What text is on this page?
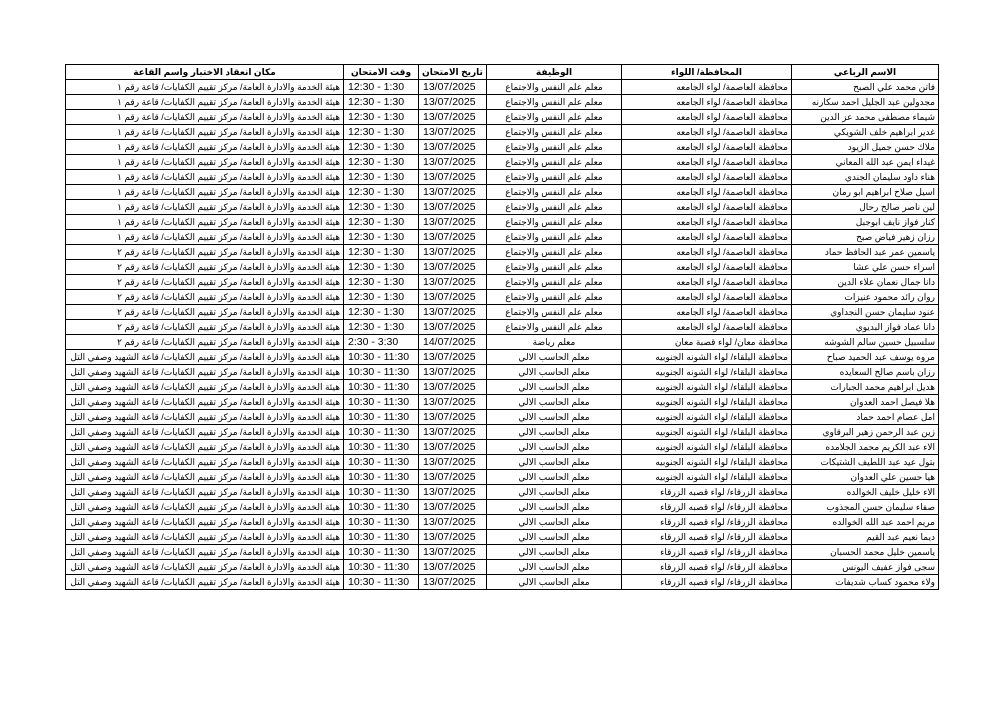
مكان انعقاد الاختبار واسم القاعة	وقت الامتحان	تاريخ الامتحان	الوظيفة	المحافظة/ اللواء	الاسم الرباعي
هيئة الخدمة والادارة العامة/ مركز تقييم الكفايات/ قاعة رقم ١	12:30 - 1:30	13/07/2025	معلم علم النفس والاجتماع	محافظة العاصمة/ لواء الجامعه	فاتن محمد علي الصبح
هيئة الخدمة والادارة العامة/ مركز تقييم الكفايات/ قاعة رقم ١	12:30 - 1:30	13/07/2025	معلم علم النفس والاجتماع	محافظة العاصمة/ لواء الجامعه	مجدولين عبد الجليل احمد سكارنه
هيئة الخدمة والادارة العامة/ مركز تقييم الكفايات/ قاعة رقم ١	12:30 - 1:30	13/07/2025	معلم علم النفس والاجتماع	محافظة العاصمة/ لواء الجامعه	شيماء مصطفى محمد عز الدين
هيئة الخدمة والادارة العامة/ مركز تقييم الكفايات/ قاعة رقم ١	12:30 - 1:30	13/07/2025	معلم علم النفس والاجتماع	محافظة العاصمة/ لواء الجامعه	غدير ابراهيم خلف الشويكي
هيئة الخدمة والادارة العامة/ مركز تقييم الكفايات/ قاعة رقم ١	12:30 - 1:30	13/07/2025	معلم علم النفس والاجتماع	محافظة العاصمة/ لواء الجامعه	ملاك حسن جميل الزيود
هيئة الخدمة والادارة العامة/ مركز تقييم الكفايات/ قاعة رقم ١	12:30 - 1:30	13/07/2025	معلم علم النفس والاجتماع	محافظة العاصمة/ لواء الجامعه	غيداء ايمن عبد الله المعاني
هيئة الخدمة والادارة العامة/ مركز تقييم الكفايات/ قاعة رقم ١	12:30 - 1:30	13/07/2025	معلم علم النفس والاجتماع	محافظة العاصمة/ لواء الجامعه	هناء داود سليمان الجندي
هيئة الخدمة والادارة العامة/ مركز تقييم الكفايات/ قاعة رقم ١	12:30 - 1:30	13/07/2025	معلم علم النفس والاجتماع	محافظة العاصمة/ لواء الجامعه	اسيل صلاح ابراهيم ابو رمان
هيئة الخدمة والادارة العامة/ مركز تقييم الكفايات/ قاعة رقم ١	12:30 - 1:30	13/07/2025	معلم علم النفس والاجتماع	محافظة العاصمة/ لواء الجامعه	لين ناصر صالح رحال
هيئة الخدمة والادارة العامة/ مركز تقييم الكفايات/ قاعة رقم ١	12:30 - 1:30	13/07/2025	معلم علم النفس والاجتماع	محافظة العاصمة/ لواء الجامعه	كنار فواز نايف ابوجبل
هيئة الخدمة والادارة العامة/ مركز تقييم الكفايات/ قاعة رقم ١	12:30 - 1:30	13/07/2025	معلم علم النفس والاجتماع	محافظة العاصمة/ لواء الجامعه	رزان زهير فياض صبح
هيئة الخدمة والادارة العامة/ مركز تقييم الكفايات/ قاعة رقم ٢	12:30 - 1:30	13/07/2025	معلم علم النفس والاجتماع	محافظة العاصمة/ لواء الجامعه	ياسمين عمر عبد الحافظ حماد
هيئة الخدمة والادارة العامة/ مركز تقييم الكفايات/ قاعة رقم ٢	12:30 - 1:30	13/07/2025	معلم علم النفس والاجتماع	محافظة العاصمة/ لواء الجامعه	اسراء حسن علي عشا
هيئة الخدمة والادارة العامة/ مركز تقييم الكفايات/ قاعة رقم ٢	12:30 - 1:30	13/07/2025	معلم علم النفس والاجتماع	محافظة العاصمة/ لواء الجامعه	دانا جمال نعمان علاء الدين
هيئة الخدمة والادارة العامة/ مركز تقييم الكفايات/ قاعة رقم ٢	12:30 - 1:30	13/07/2025	معلم علم النفس والاجتماع	محافظة العاصمة/ لواء الجامعه	روان رائد محمود عنيزات
هيئة الخدمة والادارة العامة/ مركز تقييم الكفايات/ قاعة رقم ٢	12:30 - 1:30	13/07/2025	معلم علم النفس والاجتماع	محافظة العاصمة/ لواء الجامعه	عنود سليمان حسن النجداوي
هيئة الخدمة والادارة العامة/ مركز تقييم الكفايات/ قاعة رقم ٢	12:30 - 1:30	13/07/2025	معلم علم النفس والاجتماع	محافظة العاصمة/ لواء الجامعه	دانا عماد فواز البديوي
هيئة الخدمة والادارة العامة/ مركز تقييم الكفايات/ قاعة رقم ٢	2:30 - 3:30	14/07/2025	معلم رياضة	محافظة معان/ لواء قصبة معان	سلسبيل حسين سالم الشوشه
هيئة الخدمة والادارة العامة/ مركز تقييم الكفايات/ قاعة الشهيد وصفي التل	10:30 - 11:30	13/07/2025	معلم الحاسب الالي	محافظة البلقاء/ لواء الشونه الجنوبيه	مروه يوسف عبد الحميد صباح
هيئة الخدمة والادارة العامة/ مركز تقييم الكفايات/ قاعة الشهيد وصفي التل	10:30 - 11:30	13/07/2025	معلم الحاسب الالي	محافظة البلقاء/ لواء الشونه الجنوبيه	رزان باسم صالح السعايده
هيئة الخدمة والادارة العامة/ مركز تقييم الكفايات/ قاعة الشهيد وصفي التل	10:30 - 11:30	13/07/2025	معلم الحاسب الالي	محافظة البلقاء/ لواء الشونه الجنوبيه	هديل ابراهيم محمد الجبارات
هيئة الخدمة والادارة العامة/ مركز تقييم الكفايات/ قاعة الشهيد وصفي التل	10:30 - 11:30	13/07/2025	معلم الحاسب الالي	محافظة البلقاء/ لواء الشونه الجنوبيه	هلا فيصل احمد العدوان
هيئة الخدمة والادارة العامة/ مركز تقييم الكفايات/ قاعة الشهيد وصفي التل	10:30 - 11:30	13/07/2025	معلم الحاسب الالي	محافظة البلقاء/ لواء الشونه الجنوبيه	امل عصام احمد حماد
هيئة الخدمة والادارة العامة/ مركز تقييم الكفايات/ قاعة الشهيد وصفي التل	10:30 - 11:30	13/07/2025	معلم الحاسب الالي	محافظة البلقاء/ لواء الشونه الجنوبيه	زين عبد الرحمن زهير البرقاوي
هيئة الخدمة والادارة العامة/ مركز تقييم الكفايات/ قاعة الشهيد وصفي التل	10:30 - 11:30	13/07/2025	معلم الحاسب الالي	محافظة البلقاء/ لواء الشونه الجنوبيه	الاء عبد الكريم محمد الجلامده
هيئة الخدمة والادارة العامة/ مركز تقييم الكفايات/ قاعة الشهيد وصفي التل	10:30 - 11:30	13/07/2025	معلم الحاسب الالي	محافظة البلقاء/ لواء الشونه الجنوبيه	بتول عيد عبد اللطيف الشتيكات
هيئة الخدمة والادارة العامة/ مركز تقييم الكفايات/ قاعة الشهيد وصفي التل	10:30 - 11:30	13/07/2025	معلم الحاسب الالي	محافظة البلقاء/ لواء الشونه الجنوبيه	هيا حسين علي العدوان
هيئة الخدمة والادارة العامة/ مركز تقييم الكفايات/ قاعة الشهيد وصفي التل	10:30 - 11:30	13/07/2025	معلم الحاسب الالي	محافظة الزرقاء/ لواء قصبه الزرقاء	الاء خليل خليف الخوالده
هيئة الخدمة والادارة العامة/ مركز تقييم الكفايات/ قاعة الشهيد وصفي التل	10:30 - 11:30	13/07/2025	معلم الحاسب الالي	محافظة الزرقاء/ لواء قصبه الزرقاء	صفاء سليمان حسن المجذوب
هيئة الخدمة والادارة العامة/ مركز تقييم الكفايات/ قاعة الشهيد وصفي التل	10:30 - 11:30	13/07/2025	معلم الحاسب الالي	محافظة الزرقاء/ لواء قصبه الزرقاء	مريم احمد عبد الله الخوالده
هيئة الخدمة والادارة العامة/ مركز تقييم الكفايات/ قاعة الشهيد وصفي التل	10:30 - 11:30	13/07/2025	معلم الحاسب الالي	محافظة الزرقاء/ لواء قصبه الزرقاء	ديما نعيم عبد القيم
هيئة الخدمة والادارة العامة/ مركز تقييم الكفايات/ قاعة الشهيد وصفي التل	10:30 - 11:30	13/07/2025	معلم الحاسب الالي	محافظة الزرقاء/ لواء قصبه الزرقاء	ياسمين خليل محمد الحسبان
هيئة الخدمة والادارة العامة/ مركز تقييم الكفايات/ قاعة الشهيد وصفي التل	10:30 - 11:30	13/07/2025	معلم الحاسب الالي	محافظة الزرقاء/ لواء قصبه الزرقاء	سجى فواز عفيف اليونس
هيئة الخدمة والادارة العامة/ مركز تقييم الكفايات/ قاعة الشهيد وصفي التل	10:30 - 11:30	13/07/2025	معلم الحاسب الالي	محافظة الزرقاء/ لواء قصبه الزرقاء	ولاء محمود كساب شديفات
